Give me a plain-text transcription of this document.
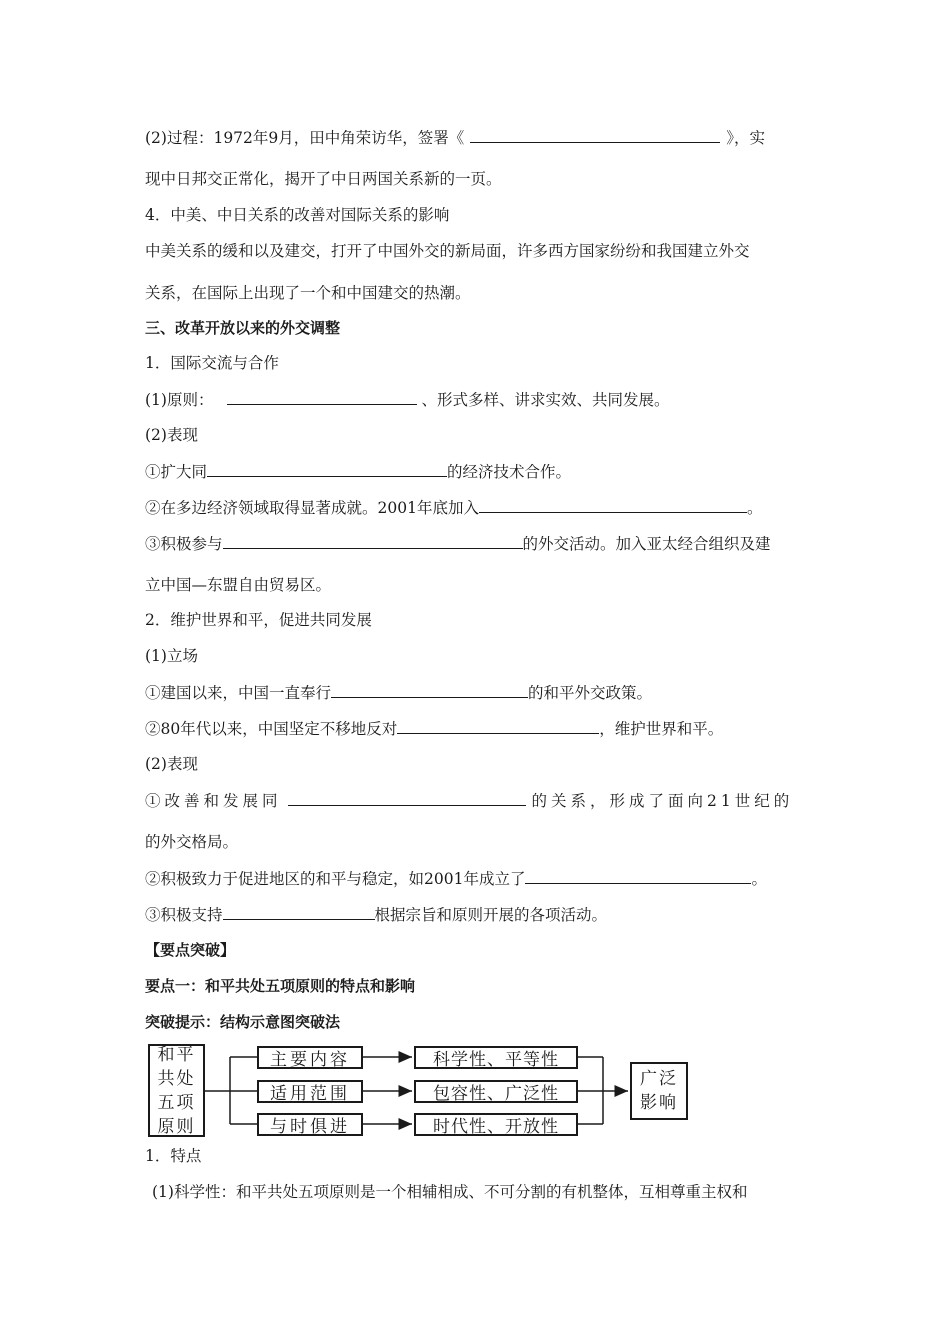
(2)过程：1972年9月，田中角荣访华，签署《	》，实
现中日邦交正常化，揭开了中日两国关系新的一页。
4．中美、中日关系的改善对国际关系的影响
中美关系的缓和以及建交，打开了中国外交的新局面，许多西方国家纷纷和我国建立外交
关系，在国际上出现了一个和中国建交的热潮。
三、改革开放以来的外交调整
1．国际交流与合作
(1)原则：	、形式多样、讲求实效、共同发展。
(2)表现
①扩大同	的经济技术合作。
②在多边经济领域取得显著成就。2001年底加入	。
③积极参与	的外交活动。加入亚太经合组织及建
立中国—东盟自由贸易区。
2．维护世界和平，促进共同发展
(1)立场
①建国以来，中国一直奉行	的和平外交政策。
②80年代以来，中国坚定不移地反对	，维护世界和平。
(2)表现
①改善和发展同	的关系，形成了面向21世纪的
的外交格局。
②积极致力于促进地区的和平与稳定，如2001年成立了	。
③积极支持	根据宗旨和原则开展的各项活动。
【要点突破】
要点一：和平共处五项原则的特点和影响
突破提示：结构示意图突破法
和平
共处
五项
原则
主要内容
适用范围
与时俱进
科学性、平等性
包容性、广泛性
时代性、开放性
广泛
影响
1．特点
(1)科学性：和平共处五项原则是一个相辅相成、不可分割的有机整体，互相尊重主权和
